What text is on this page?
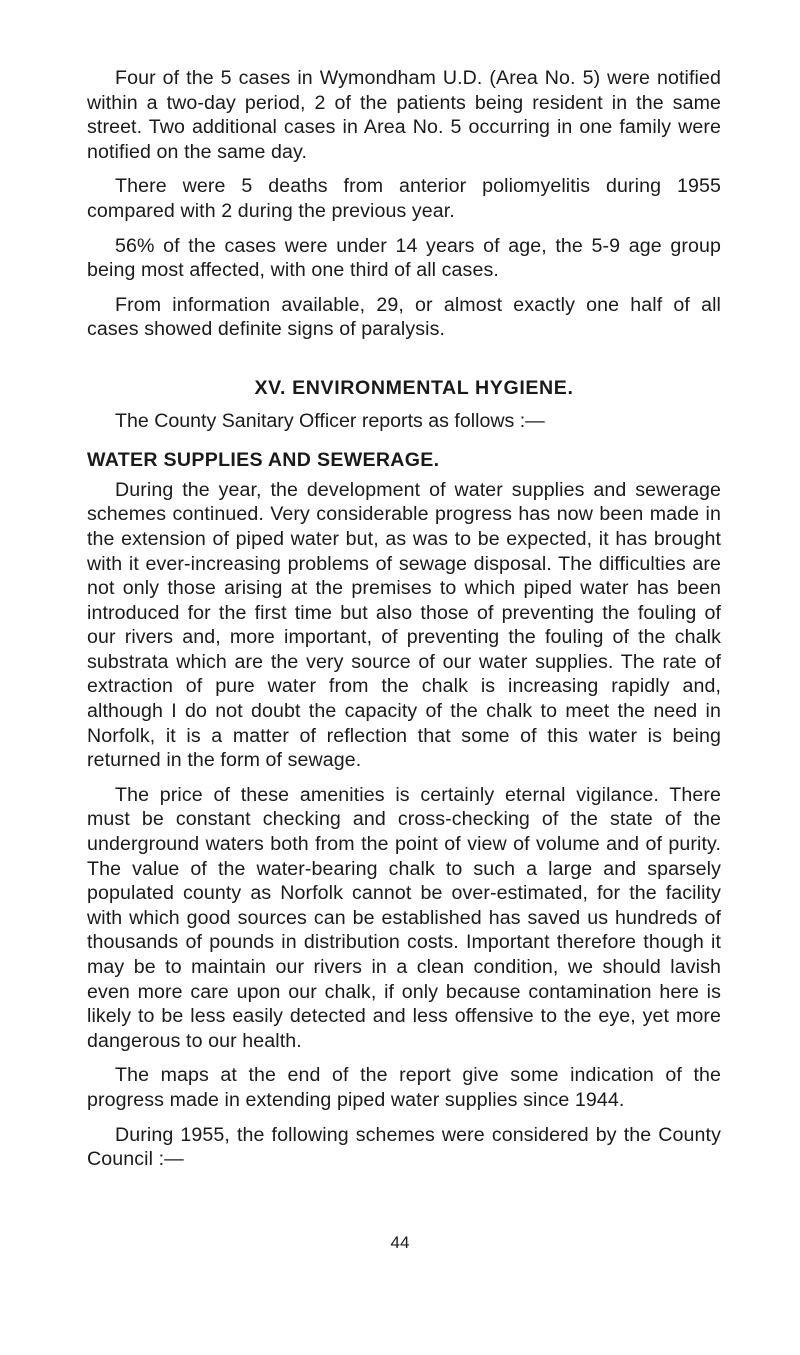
Four of the 5 cases in Wymondham U.D. (Area No. 5) were notified within a two-day period, 2 of the patients being resident in the same street. Two additional cases in Area No. 5 occurring in one family were notified on the same day.

There were 5 deaths from anterior poliomyelitis during 1955 compared with 2 during the previous year.

56% of the cases were under 14 years of age, the 5-9 age group being most affected, with one third of all cases.

From information available, 29, or almost exactly one half of all cases showed definite signs of paralysis.

XV. ENVIRONMENTAL HYGIENE.

The County Sanitary Officer reports as follows :—

WATER SUPPLIES AND SEWERAGE.

During the year, the development of water supplies and sewerage schemes continued. Very considerable progress has now been made in the extension of piped water but, as was to be expected, it has brought with it ever-increasing problems of sewage disposal. The difficulties are not only those arising at the premises to which piped water has been introduced for the first time but also those of preventing the fouling of our rivers and, more important, of preventing the fouling of the chalk substrata which are the very source of our water supplies. The rate of extraction of pure water from the chalk is increasing rapidly and, although I do not doubt the capacity of the chalk to meet the need in Norfolk, it is a matter of reflection that some of this water is being returned in the form of sewage.

The price of these amenities is certainly eternal vigilance. There must be constant checking and cross-checking of the state of the underground waters both from the point of view of volume and of purity. The value of the water-bearing chalk to such a large and sparsely populated county as Norfolk cannot be over-estimated, for the facility with which good sources can be established has saved us hundreds of thousands of pounds in distribution costs. Important therefore though it may be to maintain our rivers in a clean condition, we should lavish even more care upon our chalk, if only because contamination here is likely to be less easily detected and less offensive to the eye, yet more dangerous to our health.

The maps at the end of the report give some indication of the progress made in extending piped water supplies since 1944.

During 1955, the following schemes were considered by the County Council :—

44
